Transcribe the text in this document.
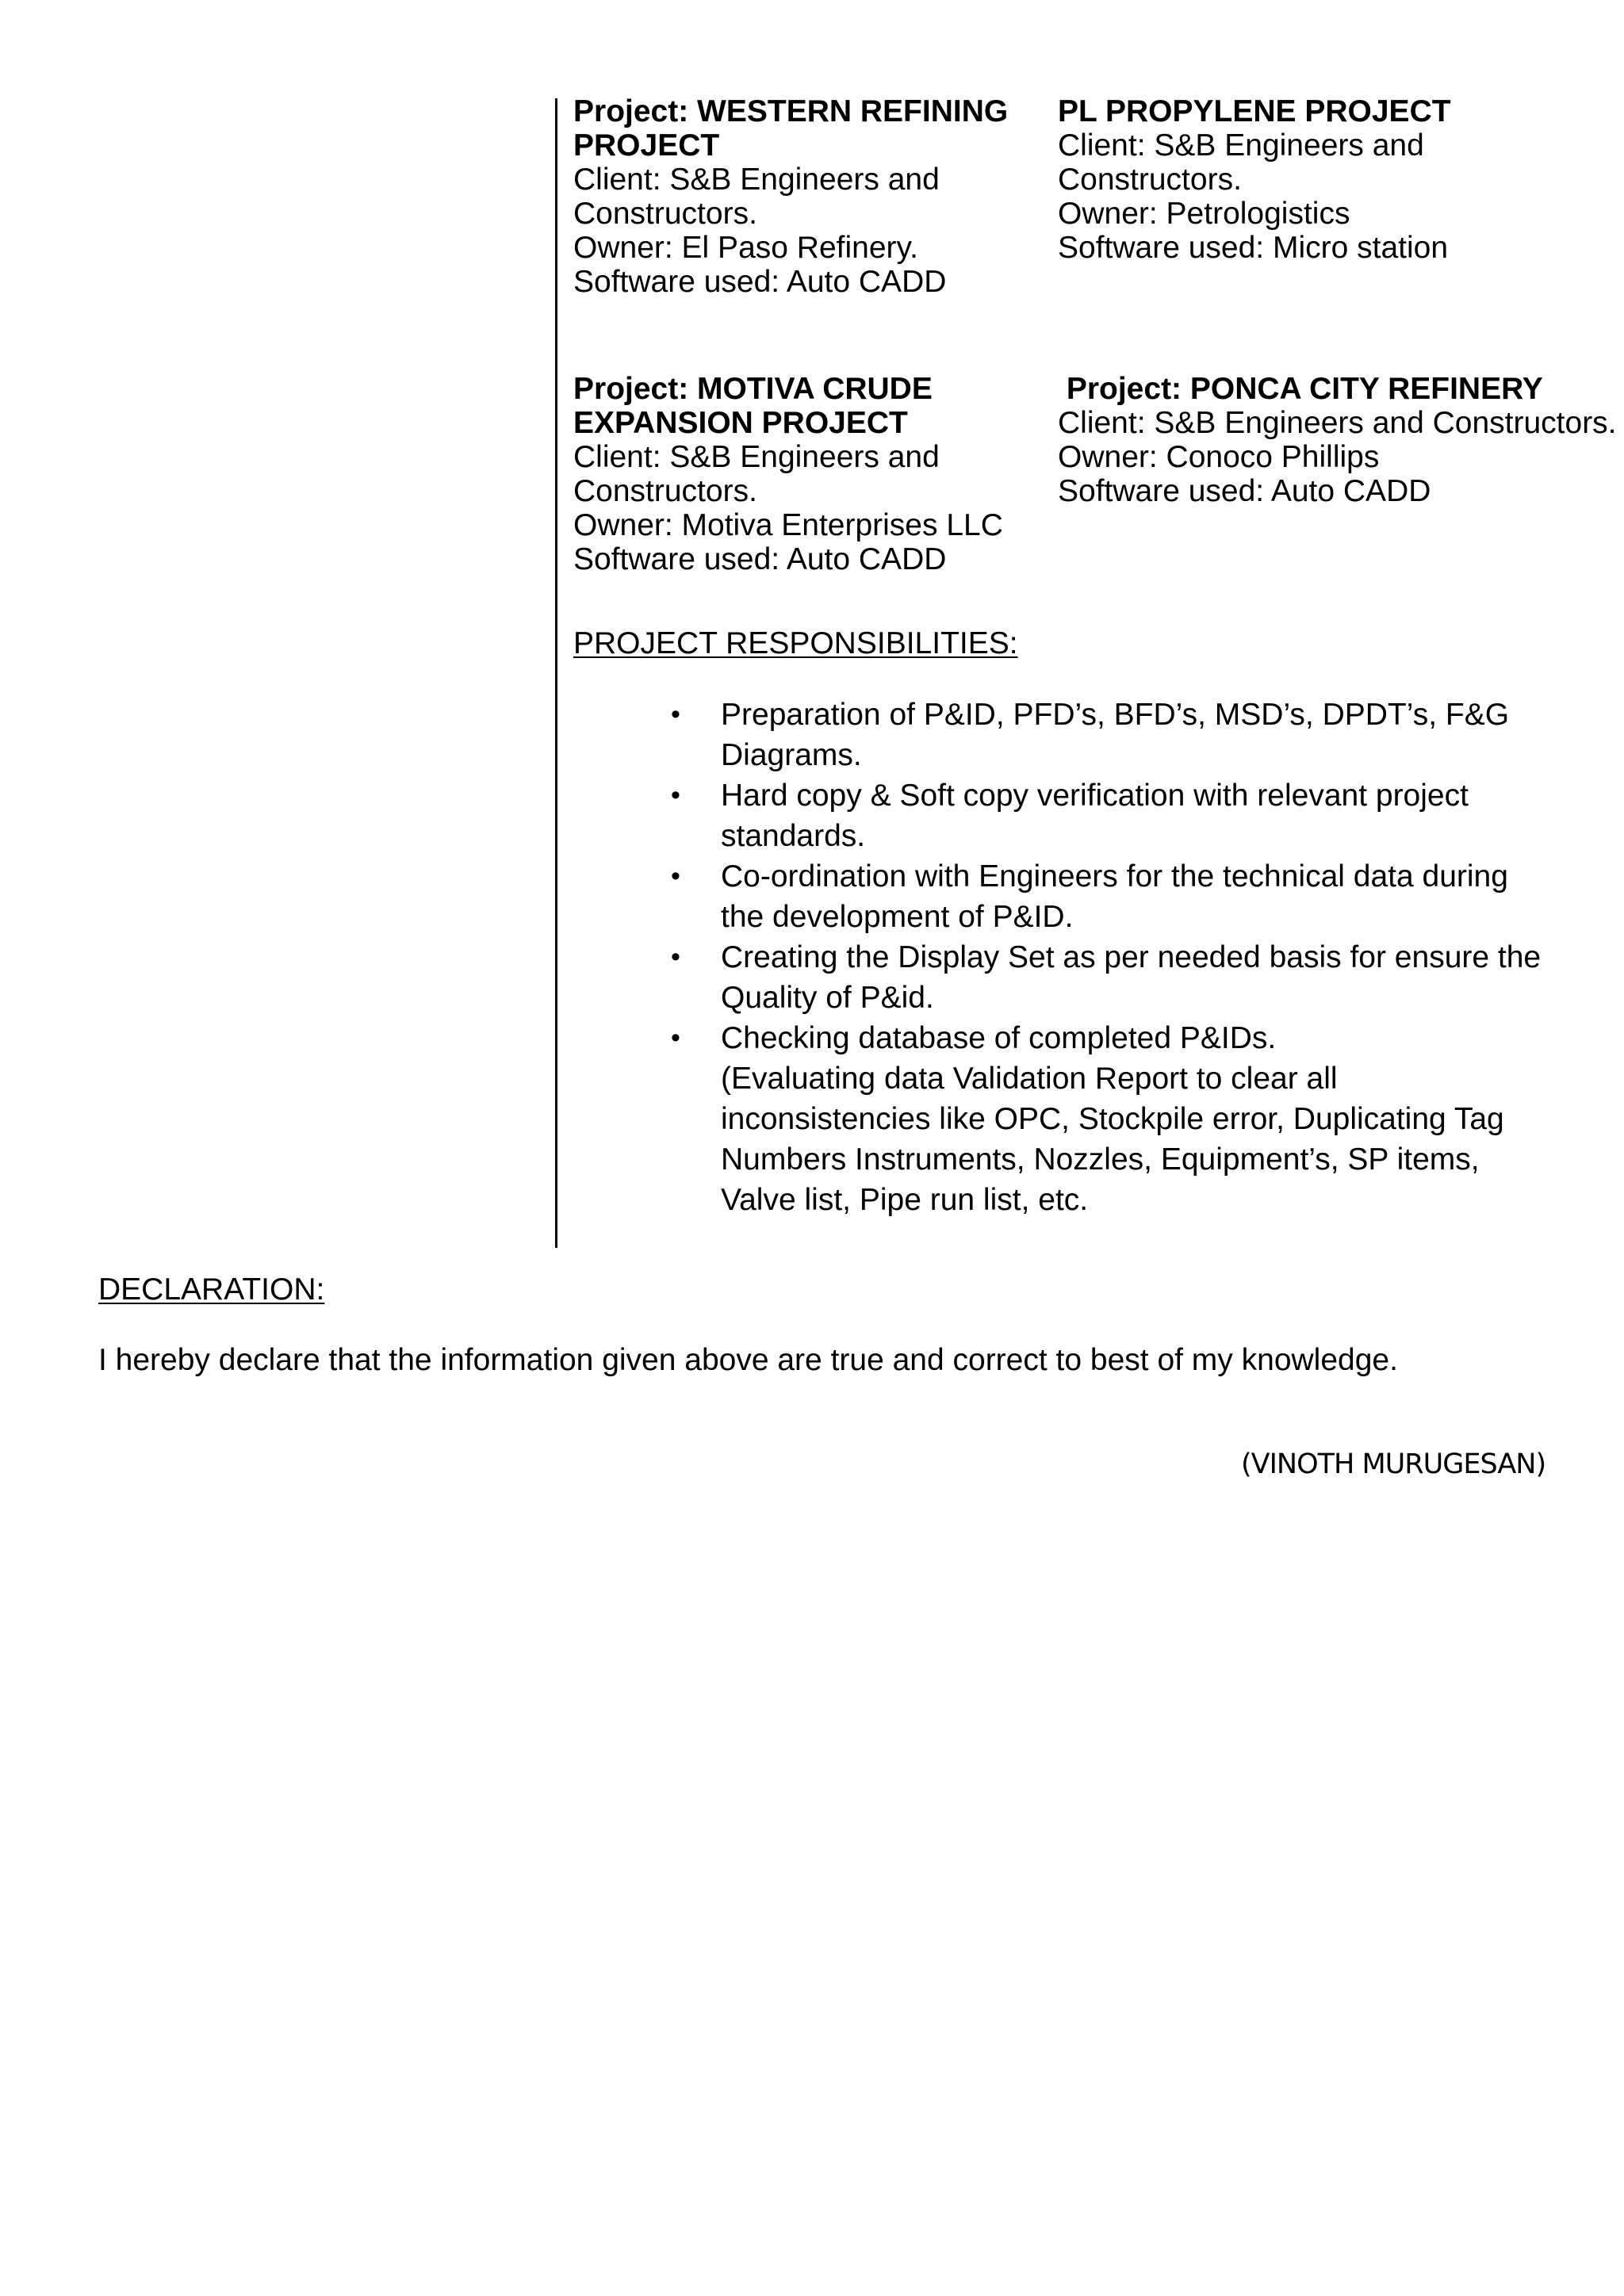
Project: WESTERN REFINING
PROJECT
Client: S&B Engineers and
Constructors.
Owner: El Paso Refinery.
Software used: Auto CADD
PL PROPYLENE PROJECT
Client: S&B Engineers and
Constructors.
Owner: Petrologistics
Software used: Micro station
Project: MOTIVA CRUDE
EXPANSION PROJECT
Client: S&B Engineers and
Constructors.
Owner: Motiva Enterprises LLC
Software used: Auto CADD
Project: PONCA CITY REFINERY
Client: S&B Engineers and Constructors.
Owner: Conoco Phillips
Software used: Auto CADD
PROJECT RESPONSIBILITIES:
• Preparation of P&ID, PFD’s, BFD’s, MSD’s, DPDT’s, F&G
Diagrams.
• Hard copy & Soft copy verification with relevant project
standards.
• Co-ordination with Engineers for the technical data during
the development of P&ID.
• Creating the Display Set as per needed basis for ensure the
Quality of P&id.
• Checking database of completed P&IDs.
(Evaluating data Validation Report to clear all
inconsistencies like OPC, Stockpile error, Duplicating Tag
Numbers Instruments, Nozzles, Equipment’s, SP items,
Valve list, Pipe run list, etc.
DECLARATION:
I hereby declare that the information given above are true and correct to best of my knowledge.
(VINOTH MURUGESAN)
